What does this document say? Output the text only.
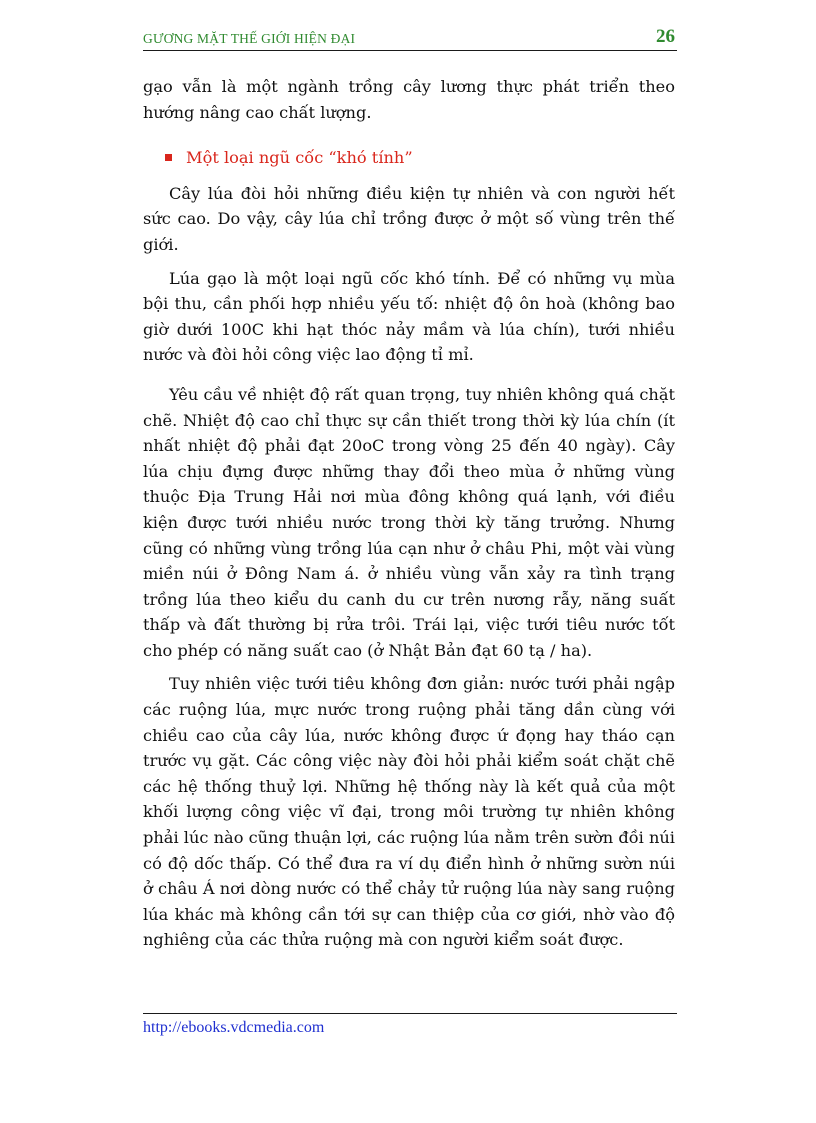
GƯƠNG MẶT THẾ GIỚI HIỆN ĐẠI	26

gạo vẫn là một ngành trồng cây lương thực phát triển theo hướng nâng cao chất lượng.

Một loại ngũ cốc “khó tính”

Cây lúa đòi hỏi những điều kiện tự nhiên và con người hết sức cao. Do vậy, cây lúa chỉ trồng được ở một số vùng trên thế giới.

Lúa gạo là một loại ngũ cốc khó tính. Để có những vụ mùa bội thu, cần phối hợp nhiều yếu tố: nhiệt độ ôn hoà (không bao giờ dưới 100C khi hạt thóc nảy mầm và lúa chín), tưới nhiều nước và đòi hỏi công việc lao động tỉ mỉ.

Yêu cầu về nhiệt độ rất quan trọng, tuy nhiên không quá chặt chẽ. Nhiệt độ cao chỉ thực sự cần thiết trong thời kỳ lúa chín (ít nhất nhiệt độ phải đạt 20oC trong vòng 25 đến 40 ngày). Cây lúa chịu đựng được những thay đổi theo mùa ở những vùng thuộc Địa Trung Hải nơi mùa đông không quá lạnh, với điều kiện được tưới nhiều nước trong thời kỳ tăng trưởng. Nhưng cũng có những vùng trồng lúa cạn như ở châu Phi, một vài vùng miền núi ở Đông Nam á. ở nhiều vùng vẫn xảy ra tình trạng trồng lúa theo kiểu du canh du cư trên nương rẫy, năng suất thấp và đất thường bị rửa trôi. Trái lại, việc tưới tiêu nước tốt cho phép có năng suất cao (ở Nhật Bản đạt 60 tạ / ha).

Tuy nhiên việc tưới tiêu không đơn giản: nước tưới phải ngập các ruộng lúa, mực nước trong ruộng phải tăng dần cùng với chiều cao của cây lúa, nước không được ứ đọng hay tháo cạn trước vụ gặt. Các công việc này đòi hỏi phải kiểm soát chặt chẽ các hệ thống thuỷ lợi. Những hệ thống này là kết quả của một khối lượng công việc vĩ đại, trong môi trường tự nhiên không phải lúc nào cũng thuận lợi, các ruộng lúa nằm trên sườn đồi núi có độ dốc thấp. Có thể đưa ra ví dụ điển hình ở những sườn núi ở châu Á nơi dòng nước có thể chảy tử ruộng lúa này sang ruộng lúa khác mà không cần tới sự can thiệp của cơ giới, nhờ vào độ nghiêng của các thửa ruộng mà con người kiểm soát được.

http://ebooks.vdcmedia.com
